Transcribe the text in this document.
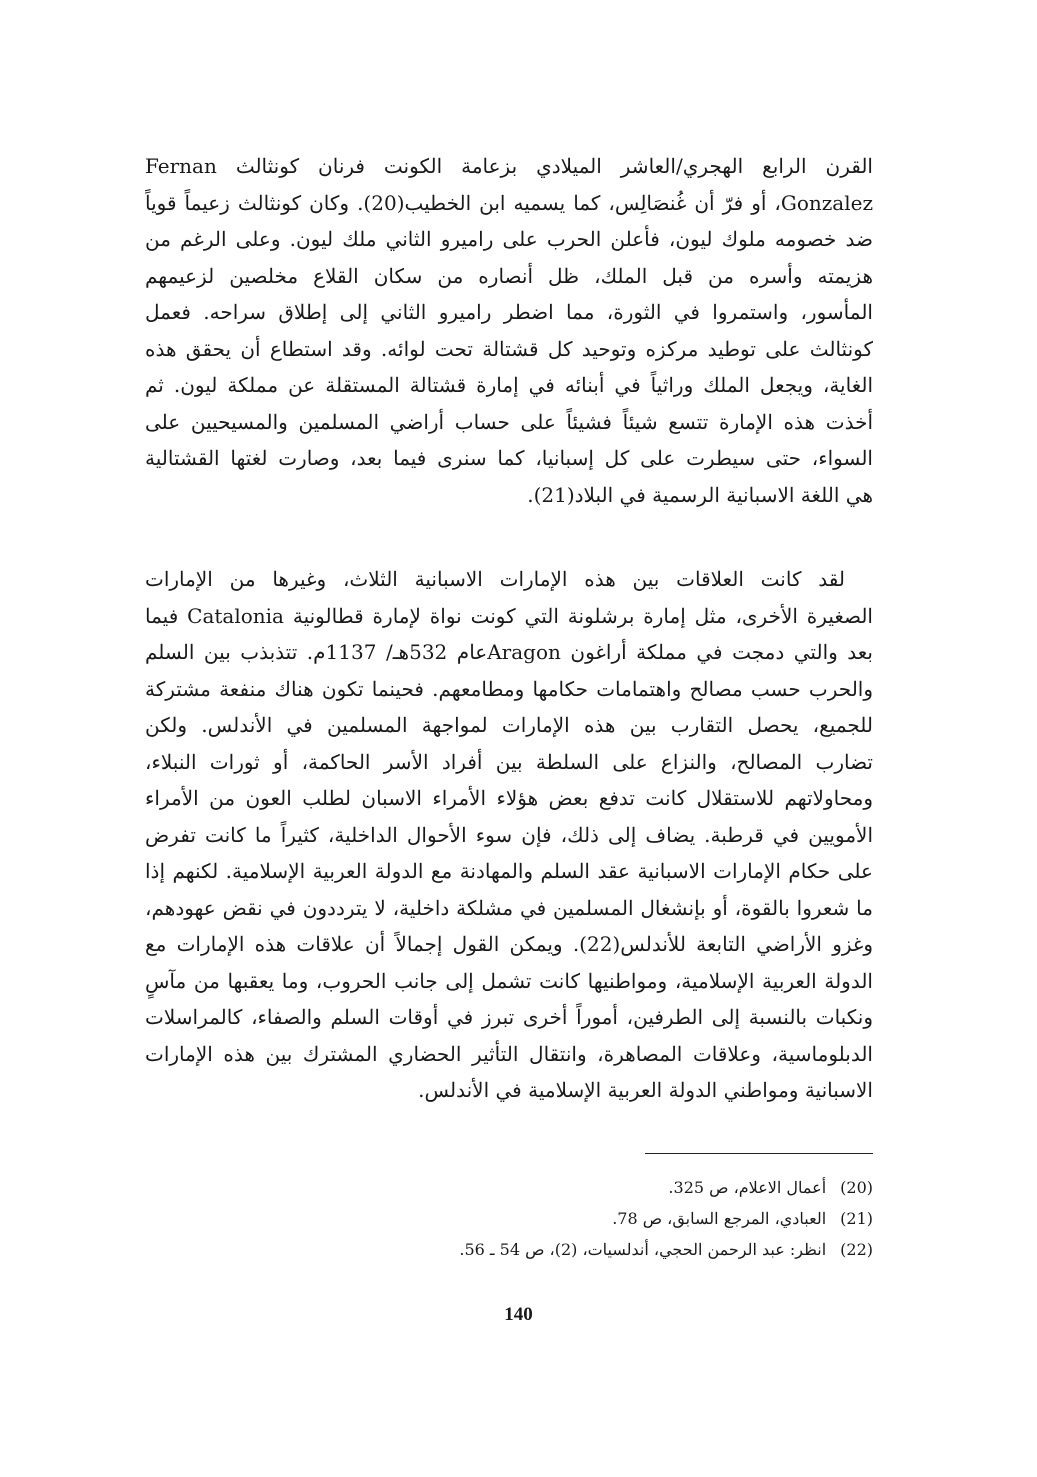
القرن الرابع الهجري/العاشر الميلادي بزعامة الكونت فرنان كونثالث Fernan
Gonzalez، أو فرّ أن غُنصَالِس، كما يسميه ابن الخطيب(20). وكان كونثالث زعيماً قوياً
ضد خصومه ملوك ليون، فأعلن الحرب على راميرو الثاني ملك ليون. وعلى الرغم من
هزيمته وأسره من قبل الملك، ظل أنصاره من سكان القلاع مخلصين لزعيمهم
المأسور، واستمروا في الثورة، مما اضطر راميرو الثاني إلى إطلاق سراحه. فعمل
كونثالث على توطيد مركزه وتوحيد كل قشتالة تحت لوائه. وقد استطاع أن يحقق هذه
الغاية، ويجعل الملك وراثياً في أبنائه في إمارة قشتالة المستقلة عن مملكة ليون. ثم
أخذت هذه الإمارة تتسع شيئاً فشيئاً على حساب أراضي المسلمين والمسيحيين على
السواء، حتى سيطرت على كل إسبانيا، كما سنرى فيما بعد، وصارت لغتها القشتالية
هي اللغة الاسبانية الرسمية في البلاد(21).
لقد كانت العلاقات بين هذه الإمارات الاسبانية الثلاث، وغيرها من الإمارات
الصغيرة الأخرى، مثل إمارة برشلونة التي كونت نواة لإمارة قطالونية Catalonia فيما
بعد والتي دمجت في مملكة أراغون Aragonعام 532هـ/ 1137م. تتذبذب بين السلم
والحرب حسب مصالح واهتمامات حكامها ومطامعهم. فحينما تكون هناك منفعة مشتركة
للجميع، يحصل التقارب بين هذه الإمارات لمواجهة المسلمين في الأندلس. ولكن
تضارب المصالح، والنزاع على السلطة بين أفراد الأسر الحاكمة، أو ثورات النبلاء،
ومحاولاتهم للاستقلال كانت تدفع بعض هؤلاء الأمراء الاسبان لطلب العون من الأمراء
الأمويين في قرطبة. يضاف إلى ذلك، فإن سوء الأحوال الداخلية، كثيراً ما كانت تفرض
على حكام الإمارات الاسبانية عقد السلم والمهادنة مع الدولة العربية الإسلامية. لكنهم إذا
ما شعروا بالقوة، أو بإنشغال المسلمين في مشلكة داخلية، لا يترددون في نقض عهودهم،
وغزو الأراضي التابعة للأندلس(22). ويمكن القول إجمالاً أن علاقات هذه الإمارات مع
الدولة العربية الإسلامية، ومواطنيها كانت تشمل إلى جانب الحروب، وما يعقبها من مآسٍ
ونكبات بالنسبة إلى الطرفين، أموراً أخرى تبرز في أوقات السلم والصفاء، كالمراسلات
الدبلوماسية، وعلاقات المصاهرة، وانتقال التأثير الحضاري المشترك بين هذه الإمارات
الاسبانية ومواطني الدولة العربية الإسلامية في الأندلس.
(20)أعمال الاعلام، ص 325.
(21)العبادي، المرجع السابق، ص 78.
(22)انظر: عبد الرحمن الحجي، أندلسيات، (2)، ص 54 ـ 56.
140
